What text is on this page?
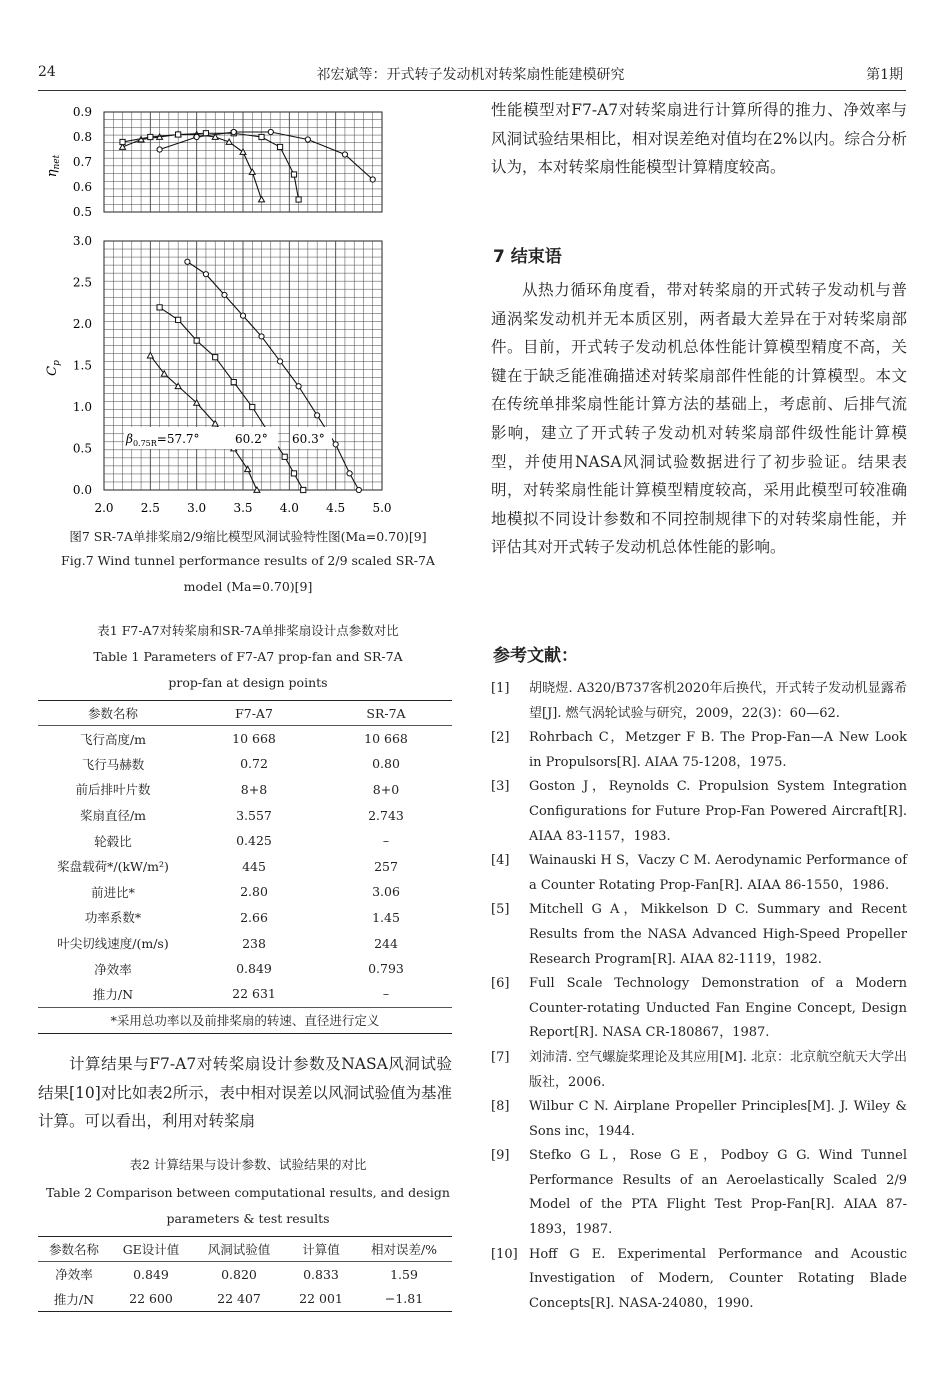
24	祁宏斌等：开式转子发动机对转桨扇性能建模研究	第1期
0.9
0.8
0.7
0.6
0.5
$\eta_{net}$
3.0
2.5
2.0
1.5
1.0
0.5
0.0
2.0 2.5 3.0 3.5 4.0 4.5 5.0
$C_p$
$\beta_{0.75R}=57.7^\circ$	60.2° 60.3°
图7 SR-7A单排桨扇2/9缩比模型风洞试验特性图(Ma=0.70)[9]
Fig.7 Wind tunnel performance results of 2/9 scaled SR-7A
model (Ma=0.70)[9]
表1 F7-A7对转桨扇和SR-7A单排桨扇设计点参数对比
Table 1 Parameters of F7-A7 prop-fan and SR-7A
prop-fan at design points
参数名称	F7-A7	SR-7A
飞行高度/m	10 668	10 668
飞行马赫数	0.72	0.80
前后排叶片数	8+8	8+0
桨扇直径/m	3.557	2.743
轮毂比	0.425	–
桨盘载荷*/(kW/m²)	445	257
前进比*	2.80	3.06
功率系数*	2.66	1.45
叶尖切线速度/(m/s)	238	244
净效率	0.849	0.793
推力/N	22 631	–
*采用总功率以及前排桨扇的转速、直径进行定义		
计算结果与F7-A7对转桨扇设计参数及NASA风洞试验结果[10]对比如表2所示，表中相对误差以风洞试验值为基准计算。可以看出，利用对转桨扇
表2 计算结果与设计参数、试验结果的对比
Table 2 Comparison between computational results, and design
parameters & test results
参数名称	GE设计值	风洞试验值	计算值	相对误差/%
净效率	0.849	0.820	0.833	1.59
推力/N	22 600	22 407	22 001	−1.81
性能模型对F7-A7对转桨扇进行计算所得的推力、净效率与风洞试验结果相比，相对误差绝对值均在2%以内。综合分析认为，本对转桨扇性能模型计算精度较高。
7 结束语
从热力循环角度看，带对转桨扇的开式转子发动机与普通涡桨发动机并无本质区别，两者最大差异在于对转桨扇部件。目前，开式转子发动机总体性能计算模型精度不高，关键在于缺乏能准确描述对转桨扇部件性能的计算模型。本文在传统单排桨扇性能计算方法的基础上，考虑前、后排气流影响，建立了开式转子发动机对转桨扇部件级性能计算模型，并使用NASA风洞试验数据进行了初步验证。结果表明，对转桨扇性能计算模型精度较高，采用此模型可较准确地模拟不同设计参数和不同控制规律下的对转桨扇性能，并评估其对开式转子发动机总体性能的影响。
参考文献：
[1] 胡晓煜. A320/B737客机2020年后换代，开式转子发动机显露希望[J]. 燃气涡轮试验与研究，2009，22(3)：60—62.
[2] Rohrbach C，Metzger F B. The Prop-Fan—A New Look in Propulsors[R]. AIAA 75-1208，1975.
[3] Goston J，Reynolds C. Propulsion System Integration Configurations for Future Prop-Fan Powered Aircraft[R]. AIAA 83-1157，1983.
[4] Wainauski H S，Vaczy C M. Aerodynamic Performance of a Counter Rotating Prop-Fan[R]. AIAA 86-1550，1986.
[5] Mitchell G A，Mikkelson D C. Summary and Recent Results from the NASA Advanced High-Speed Propeller Research Program[R]. AIAA 82-1119，1982.
[6] Full Scale Technology Demonstration of a Modern Counter-rotating Unducted Fan Engine Concept, Design Report[R]. NASA CR-180867，1987.
[7] 刘沛清. 空气螺旋桨理论及其应用[M]. 北京：北京航空航天大学出版社，2006.
[8] Wilbur C N. Airplane Propeller Principles[M]. J. Wiley & Sons inc，1944.
[9] Stefko G L，Rose G E，Podboy G G. Wind Tunnel Performance Results of an Aeroelastically Scaled 2/9 Model of the PTA Flight Test Prop-Fan[R]. AIAA 87-1893，1987.
[10] Hoff G E. Experimental Performance and Acoustic Investigation of Modern, Counter Rotating Blade Concepts[R]. NASA-24080，1990.
